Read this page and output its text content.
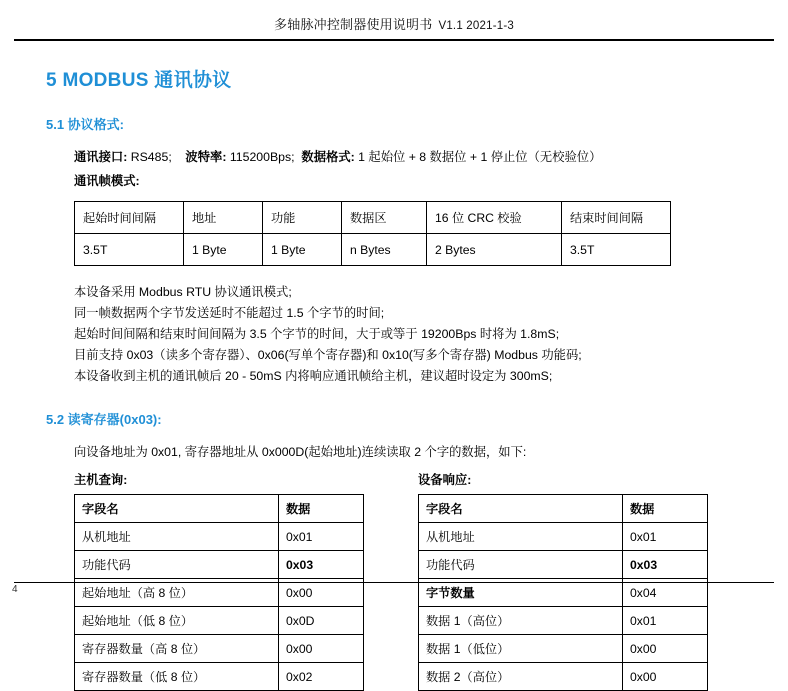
多轴脉冲控制器使用说明书 V1.1 2021-1-3
5 MODBUS 通讯协议
5.1 协议格式:
通讯接口: RS485; 波特率: 115200Bps; 数据格式: 1 起始位 + 8 数据位 + 1 停止位（无校验位）
通讯帧模式:
起始时间间隔	地址	功能	数据区	16 位 CRC 校验	结束时间间隔
3.5T	1 Byte	1 Byte	n Bytes	2 Bytes	3.5T
本设备采用 Modbus RTU 协议通讯模式;
同一帧数据两个字节发送延时不能超过 1.5 个字节的时间;
起始时间间隔和结束时间间隔为 3.5 个字节的时间，大于或等于 19200Bps 时将为 1.8mS;
目前支持 0x03（读多个寄存器）、0x06(写单个寄存器)和 0x10(写多个寄存器) Modbus 功能码;
本设备收到主机的通讯帧后 20 - 50mS 内将响应通讯帧给主机，建议超时设定为 300mS;
5.2 读寄存器(0x03):
向设备地址为 0x01, 寄存器地址从 0x000D(起始地址)连续读取 2 个字的数据，如下:
主机查询:
字段名	数据
从机地址	0x01
功能代码	0x03
起始地址（高 8 位）	0x00
起始地址（低 8 位）	0x0D
寄存器数量（高 8 位）	0x00
寄存器数量（低 8 位）	0x02
设备响应:
字段名	数据
从机地址	0x01
功能代码	0x03
字节数量	0x04
数据 1（高位）	0x01
数据 1（低位）	0x00
数据 2（高位）	0x00
4
